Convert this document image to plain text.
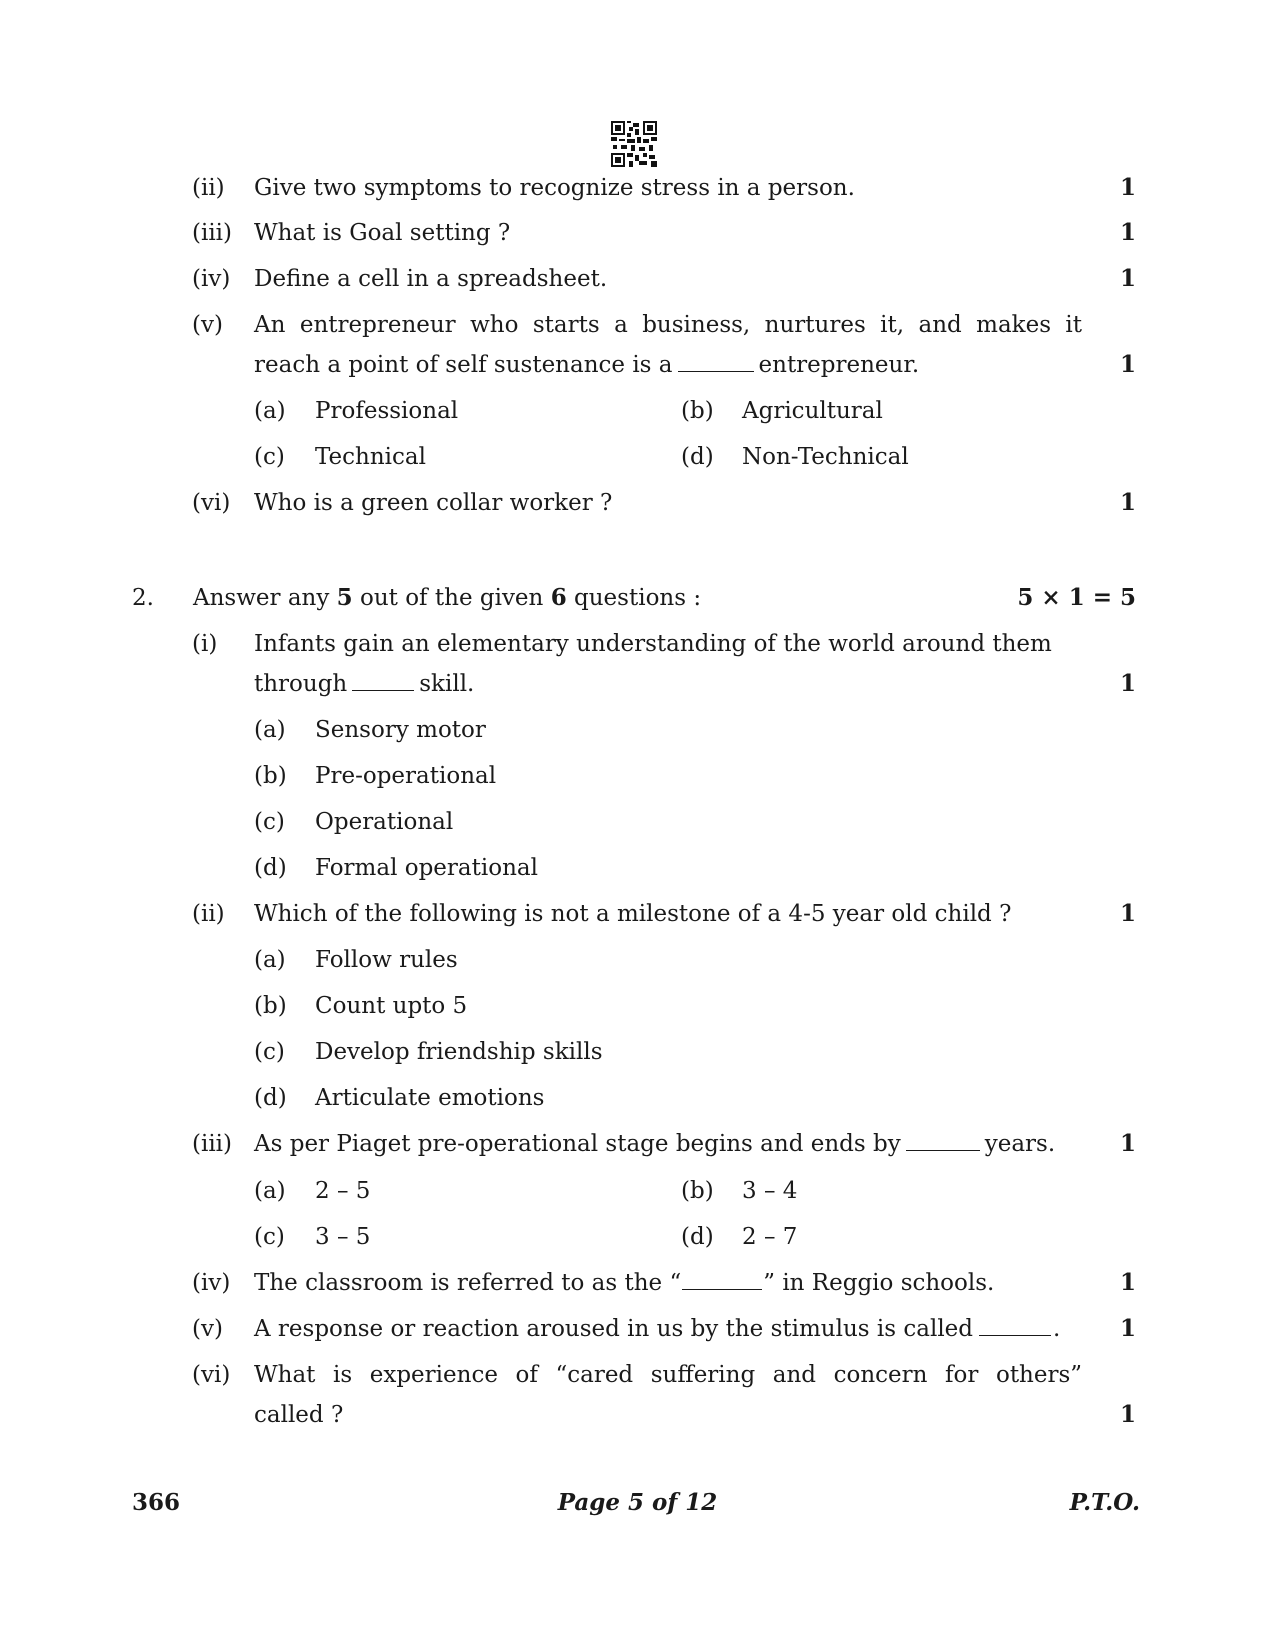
(ii) Give two symptoms to recognize stress in a person.	1
(iii) What is Goal setting ?	1
(iv) Define a cell in a spreadsheet.	1
(v) An entrepreneur who starts a business, nurtures it, and makes it
reach a point of self sustenance is a	entrepreneur.	1
(a) Professional	(b) Agricultural
(c) Technical	(d) Non-Technical
(vi) Who is a green collar worker ?	1
2. Answer any 5 out of the given 6 questions :	5 × 1 = 5
(i) Infants gain an elementary understanding of the world around them
through	skill.	1
(a) Sensory motor
(b) Pre-operational
(c) Operational
(d) Formal operational
(ii) Which of the following is not a milestone of a 4-5 year old child ?	1
(a) Follow rules
(b) Count upto 5
(c) Develop friendship skills
(d) Articulate emotions
(iii) As per Piaget pre-operational stage begins and ends by	years.	1
(a) 2 – 5	(b) 3 – 4
(c) 3 – 5	(d) 2 – 7
(iv) The classroom is referred to as the “	” in Reggio schools.	1
(v) A response or reaction aroused in us by the stimulus is called	.	1
(vi) What is experience of “cared suffering and concern for others”
called ?	1
366	Page 5 of 12	P.T.O.
